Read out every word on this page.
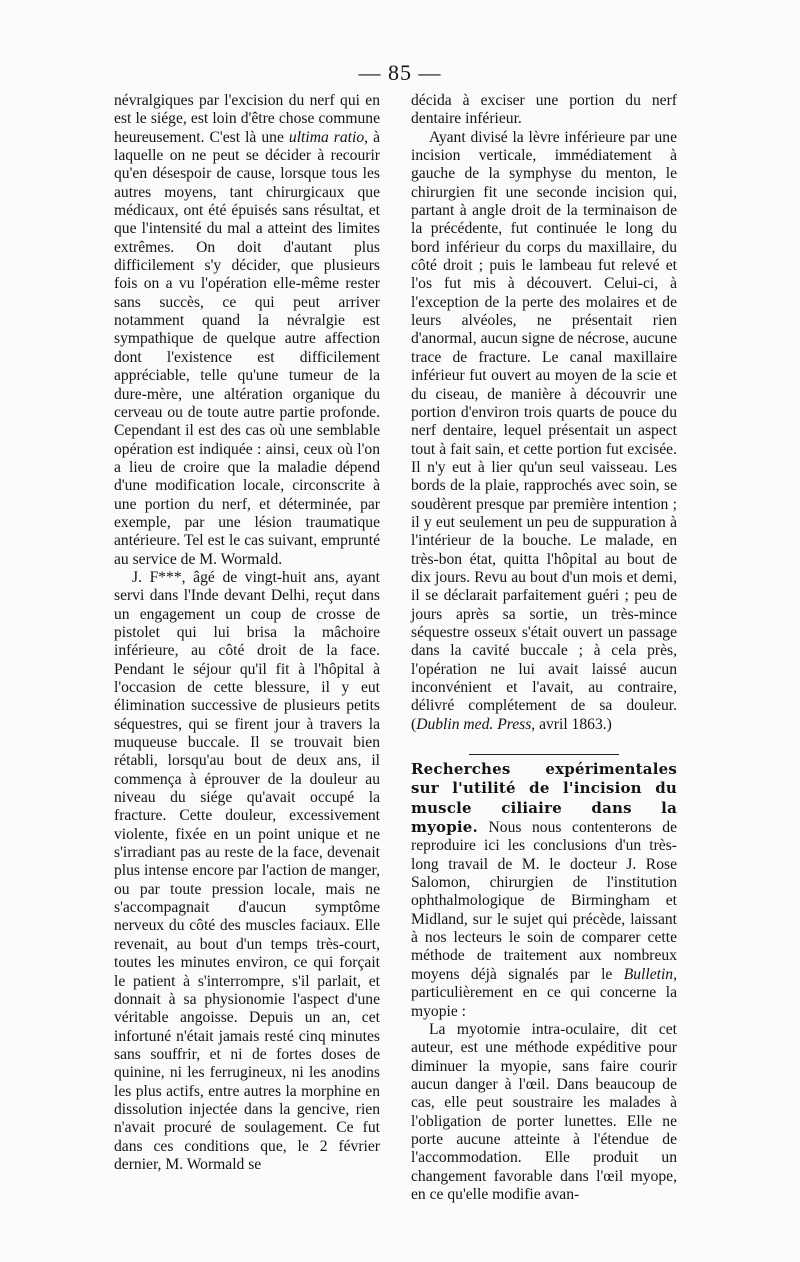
— 85 —

névralgiques par l'excision du nerf qui en est le siége, est loin d'être chose commune heureusement. C'est là une ultima ratio, à laquelle on ne peut se décider à recourir qu'en désespoir de cause, lorsque tous les autres moyens, tant chirurgicaux que médicaux, ont été épuisés sans résultat, et que l'intensité du mal a atteint des limites extrêmes. On doit d'autant plus difficilement s'y décider, que plusieurs fois on a vu l'opération elle-même rester sans succès, ce qui peut arriver notamment quand la névralgie est sympathique de quelque autre affection dont l'existence est difficilement appréciable, telle qu'une tumeur de la dure-mère, une altération organique du cerveau ou de toute autre partie profonde. Cependant il est des cas où une semblable opération est indiquée : ainsi, ceux où l'on a lieu de croire que la maladie dépend d'une modification locale, circonscrite à une portion du nerf, et déterminée, par exemple, par une lésion traumatique antérieure. Tel est le cas suivant, emprunté au service de M. Wormald.

J. F***, âgé de vingt-huit ans, ayant servi dans l'Inde devant Delhi, reçut dans un engagement un coup de crosse de pistolet qui lui brisa la mâchoire inférieure, au côté droit de la face. Pendant le séjour qu'il fit à l'hôpital à l'occasion de cette blessure, il y eut élimination successive de plusieurs petits séquestres, qui se firent jour à travers la muqueuse buccale. Il se trouvait bien rétabli, lorsqu'au bout de deux ans, il commença à éprouver de la douleur au niveau du siége qu'avait occupé la fracture. Cette douleur, excessivement violente, fixée en un point unique et ne s'irradiant pas au reste de la face, devenait plus intense encore par l'action de manger, ou par toute pression locale, mais ne s'accompagnait d'aucun symptôme nerveux du côté des muscles faciaux. Elle revenait, au bout d'un temps très-court, toutes les minutes environ, ce qui forçait le patient à s'interrompre, s'il parlait, et donnait à sa physionomie l'aspect d'une véritable angoisse. Depuis un an, cet infortuné n'était jamais resté cinq minutes sans souffrir, et ni de fortes doses de quinine, ni les ferrugineux, ni les anodins les plus actifs, entre autres la morphine en dissolution injectée dans la gencive, rien n'avait procuré de soulagement. Ce fut dans ces conditions que, le 2 février dernier, M. Wormald se

décida à exciser une portion du nerf dentaire inférieur.

Ayant divisé la lèvre inférieure par une incision verticale, immédiatement à gauche de la symphyse du menton, le chirurgien fit une seconde incision qui, partant à angle droit de la terminaison de la précédente, fut continuée le long du bord inférieur du corps du maxillaire, du côté droit ; puis le lambeau fut relevé et l'os fut mis à découvert. Celui-ci, à l'exception de la perte des molaires et de leurs alvéoles, ne présentait rien d'anormal, aucun signe de nécrose, aucune trace de fracture. Le canal maxillaire inférieur fut ouvert au moyen de la scie et du ciseau, de manière à découvrir une portion d'environ trois quarts de pouce du nerf dentaire, lequel présentait un aspect tout à fait sain, et cette portion fut excisée. Il n'y eut à lier qu'un seul vaisseau. Les bords de la plaie, rapprochés avec soin, se soudèrent presque par première intention ; il y eut seulement un peu de suppuration à l'intérieur de la bouche. Le malade, en très-bon état, quitta l'hôpital au bout de dix jours. Revu au bout d'un mois et demi, il se déclarait parfaitement guéri ; peu de jours après sa sortie, un très-mince séquestre osseux s'était ouvert un passage dans la cavité buccale ; à cela près, l'opération ne lui avait laissé aucun inconvénient et l'avait, au contraire, délivré complétement de sa douleur. (Dublin med. Press, avril 1863.)

Recherches expérimentales sur l'utilité de l'incision du muscle ciliaire dans la myopie. Nous nous contenterons de reproduire ici les conclusions d'un très-long travail de M. le docteur J. Rose Salomon, chirurgien de l'institution ophthalmologique de Birmingham et Midland, sur le sujet qui précède, laissant à nos lecteurs le soin de comparer cette méthode de traitement aux nombreux moyens déjà signalés par le Bulletin, particulièrement en ce qui concerne la myopie :

La myotomie intra-oculaire, dit cet auteur, est une méthode expéditive pour diminuer la myopie, sans faire courir aucun danger à l'œil. Dans beaucoup de cas, elle peut soustraire les malades à l'obligation de porter lunettes. Elle ne porte aucune atteinte à l'étendue de l'accommodation. Elle produit un changement favorable dans l'œil myope, en ce qu'elle modifie avan-
